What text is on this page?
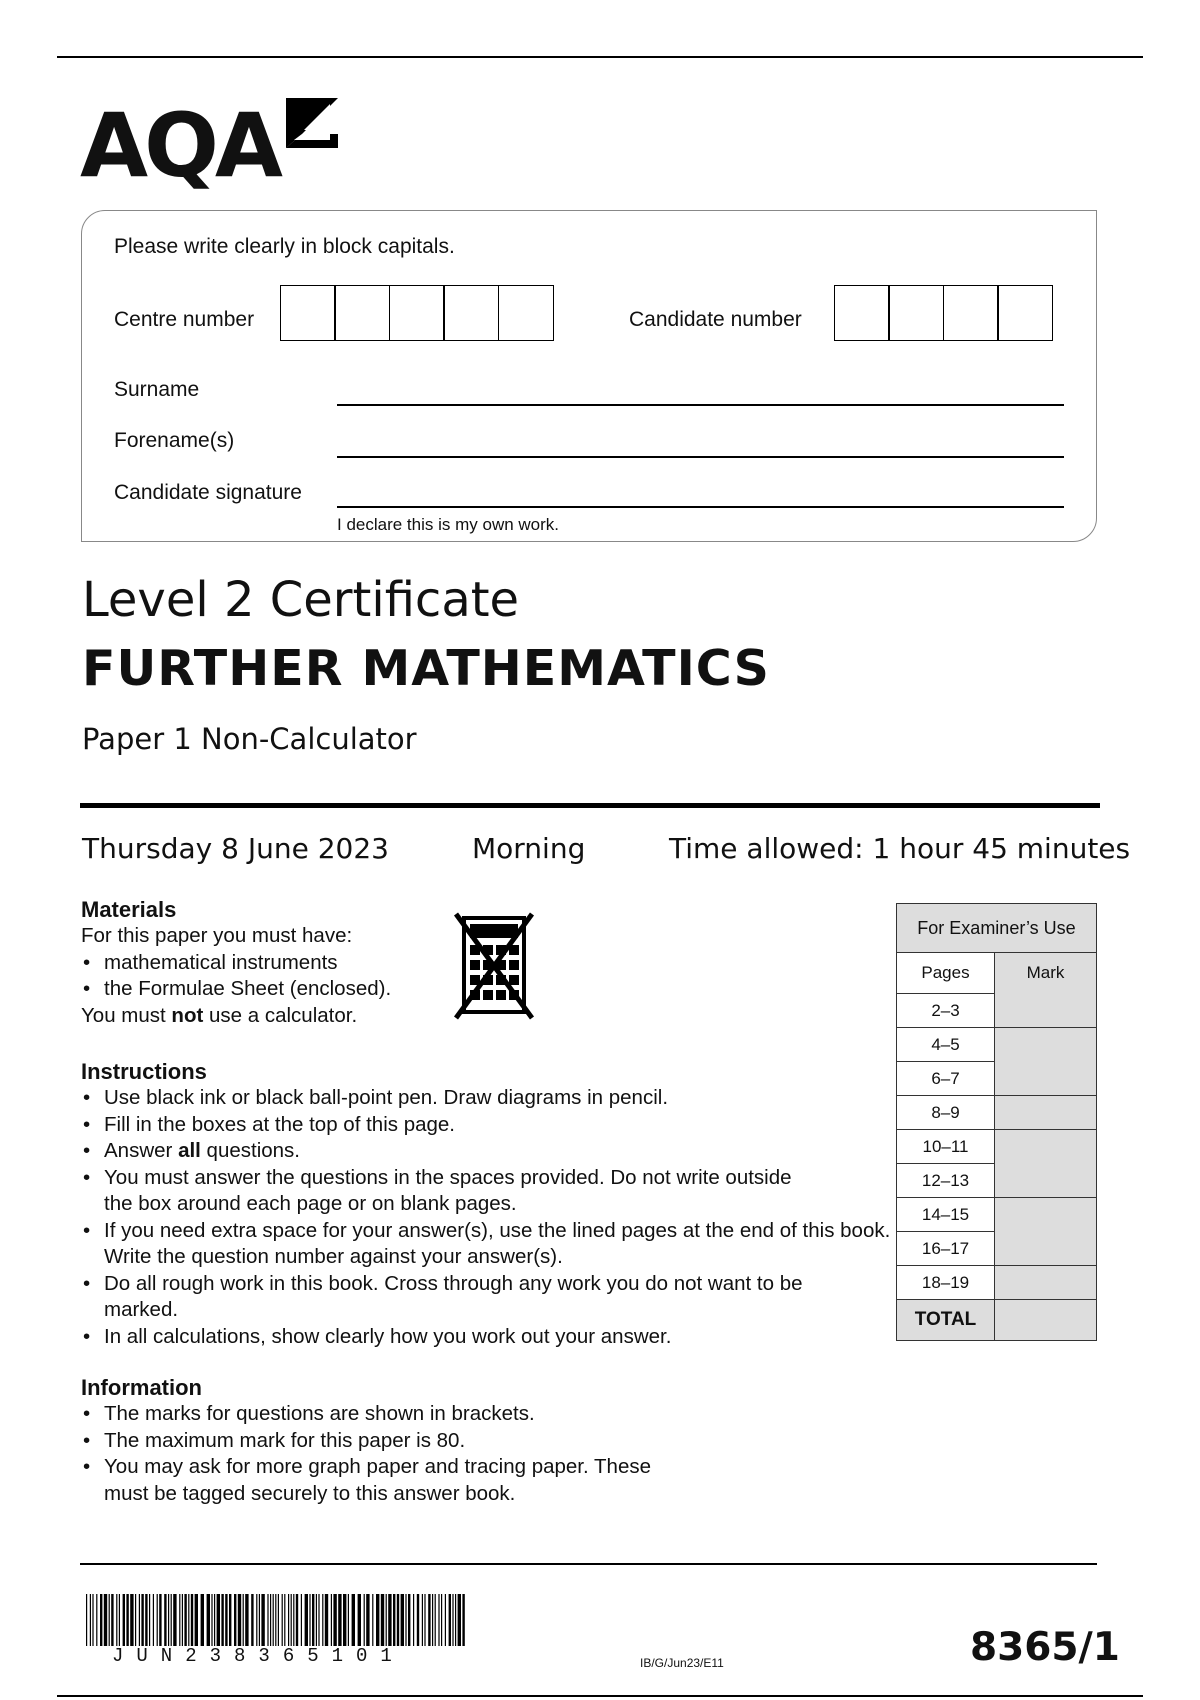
AQA
Please write clearly in block capitals.
Centre number	Candidate number
Surname
Forename(s)
Candidate signature
I declare this is my own work.
Level 2 Certificate
FURTHER MATHEMATICS
Paper 1 Non-Calculator
Thursday 8 June 2023	Morning	Time allowed: 1 hour 45 minutes
Materials
For this paper you must have:
• mathematical instruments
• the Formulae Sheet (enclosed).
You must not use a calculator.
Instructions
• Use black ink or black ball-point pen. Draw diagrams in pencil.
• Fill in the boxes at the top of this page.
• Answer all questions.
• You must answer the questions in the spaces provided. Do not write outside the box around each page or on blank pages.
• If you need extra space for your answer(s), use the lined pages at the end of this book. Write the question number against your answer(s).
• Do all rough work in this book. Cross through any work you do not want to be marked.
• In all calculations, show clearly how you work out your answer.
Information
• The marks for questions are shown in brackets.
• The maximum mark for this paper is 80.
• You may ask for more graph paper and tracing paper. These must be tagged securely to this answer book.
For Examiner’s Use
Pages	Mark
2–3	
4–5	
6–7	
8–9	
10–11	
12–13	
14–15	
16–17	
18–19	
TOTAL	
JUN238365101	IB/G/Jun23/E11	8365/1
